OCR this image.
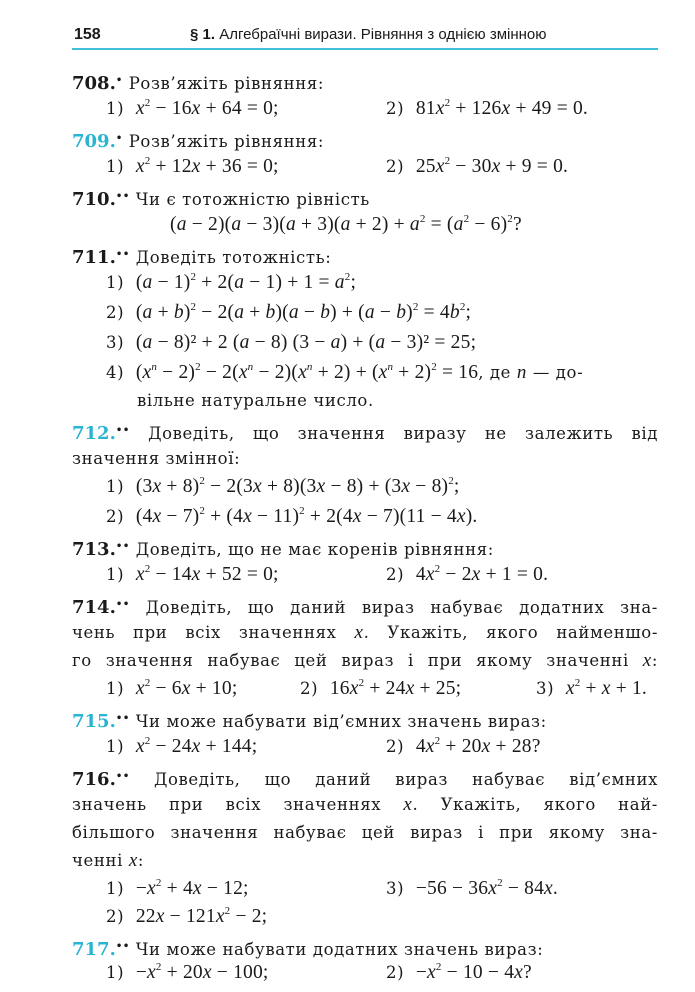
158	§ 1. Алгебраїчні вирази. Рівняння з однією змінною
708.• Розв’яжіть рівняння:
1) $x^2 - 16x + 64 = 0$;	2) $81x^2 + 126x + 49 = 0$.
709.• Розв’яжіть рівняння:
1) $x^2 + 12x + 36 = 0$;	2) $25x^2 - 30x + 9 = 0$.
710.•• Чи є тотожністю рівність
$(a - 2)(a - 3)(a + 3)(a + 2) + a^2 = (a^2 - 6)^2$?
711.•• Доведіть тотожність:
1) $(a - 1)^2 + 2(a - 1) + 1 = a^2$;
2) $(a + b)^2 - 2(a + b)(a - b) + (a - b)^2 = 4b^2$;
3) (a − 8)² + 2 (a − 8) (3 − a) + (a − 3)² = 25;
4) $(x^n - 2)^2 - 2(x^n - 2)(x^n + 2) + (x^n + 2)^2 = 16$, де n — до-
вільне натуральне число.
712.•• Доведіть, що значення виразу не залежить від
значення змінної:
1) $(3x + 8)^2 - 2(3x + 8)(3x - 8) + (3x - 8)^2$;
2) $(4x - 7)^2 + (4x - 11)^2 + 2(4x - 7)(11 - 4x)$.
713.•• Доведіть, що не має коренів рівняння:
1) $x^2 - 14x + 52 = 0$;	2) $4x^2 - 2x + 1 = 0$.
714.•• Доведіть, що даний вираз набуває додатних зна-
чень при всіх значеннях x. Укажіть, якого найменшо-
го значення набуває цей вираз і при якому значенні x:
1) $x^2 - 6x + 10$;	2) $16x^2 + 24x + 25$;	3) $x^2 + x + 1$.
715.•• Чи може набувати від’ємних значень вираз:
1) $x^2 - 24x + 144$;	2) $4x^2 + 20x + 28$?
716.•• Доведіть, що даний вираз набуває від’ємних
значень при всіх значеннях x. Укажіть, якого най-
більшого значення набуває цей вираз і при якому зна-
ченні x:
$1) -x^2 + 4x - 12$;	$3) -56 - 36x^2 - 84x$.
2) $22x - 121x^2 - 2$;
717.•• Чи може набувати додатних значень вираз:
$1) -x^2 + 20x - 100$;	$2) -x^2 - 10 - 4x$?
